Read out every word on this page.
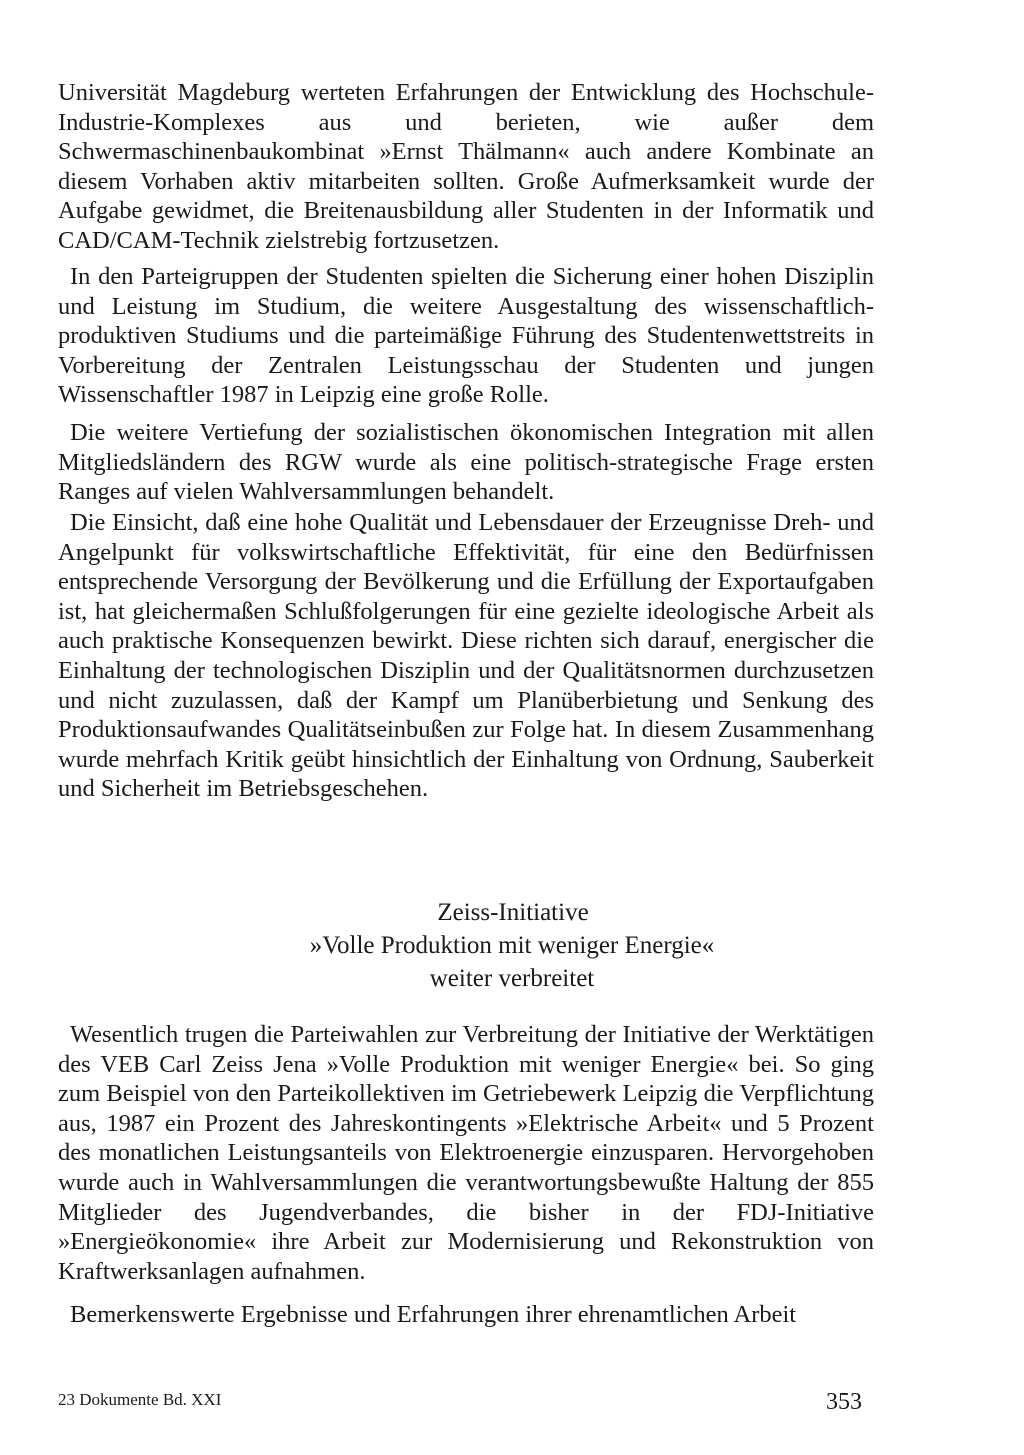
Universität Magdeburg werteten Erfahrungen der Entwicklung des Hochschule-Industrie-Komplexes aus und berieten, wie außer dem Schwermaschinenbaukombinat »Ernst Thälmann« auch andere Kombinate an diesem Vorhaben aktiv mitarbeiten sollten. Große Aufmerksamkeit wurde der Aufgabe gewidmet, die Breitenausbildung aller Studenten in der Informatik und CAD/CAM-Technik zielstrebig fortzusetzen.

In den Parteigruppen der Studenten spielten die Sicherung einer hohen Disziplin und Leistung im Studium, die weitere Ausgestaltung des wissenschaftlich-produktiven Studiums und die parteimäßige Führung des Studentenwettstreits in Vorbereitung der Zentralen Leistungsschau der Studenten und jungen Wissenschaftler 1987 in Leipzig eine große Rolle.

Die weitere Vertiefung der sozialistischen ökonomischen Integration mit allen Mitgliedsländern des RGW wurde als eine politisch-strategische Frage ersten Ranges auf vielen Wahlversammlungen behandelt.

Die Einsicht, daß eine hohe Qualität und Lebensdauer der Erzeugnisse Dreh- und Angelpunkt für volkswirtschaftliche Effektivität, für eine den Bedürfnissen entsprechende Versorgung der Bevölkerung und die Erfüllung der Exportaufgaben ist, hat gleichermaßen Schlußfolgerungen für eine gezielte ideologische Arbeit als auch praktische Konsequenzen bewirkt. Diese richten sich darauf, energischer die Einhaltung der technologischen Disziplin und der Qualitätsnormen durchzusetzen und nicht zuzulassen, daß der Kampf um Planüberbietung und Senkung des Produktionsaufwandes Qualitätseinbußen zur Folge hat. In diesem Zusammenhang wurde mehrfach Kritik geübt hinsichtlich der Einhaltung von Ordnung, Sauberkeit und Sicherheit im Betriebsgeschehen.

Zeiss-Initiative
»Volle Produktion mit weniger Energie«
weiter verbreitet

Wesentlich trugen die Parteiwahlen zur Verbreitung der Initiative der Werktätigen des VEB Carl Zeiss Jena »Volle Produktion mit weniger Energie« bei. So ging zum Beispiel von den Parteikollektiven im Getriebewerk Leipzig die Verpflichtung aus, 1987 ein Prozent des Jahreskontingents »Elektrische Arbeit« und 5 Prozent des monatlichen Leistungsanteils von Elektroenergie einzusparen. Hervorgehoben wurde auch in Wahlversammlungen die verantwortungsbewußte Haltung der 855 Mitglieder des Jugendverbandes, die bisher in der FDJ-Initiative »Energieökonomie« ihre Arbeit zur Modernisierung und Rekonstruktion von Kraftwerksanlagen aufnahmen.

Bemerkenswerte Ergebnisse und Erfahrungen ihrer ehrenamtlichen Arbeit

23 Dokumente Bd. XXI	353
